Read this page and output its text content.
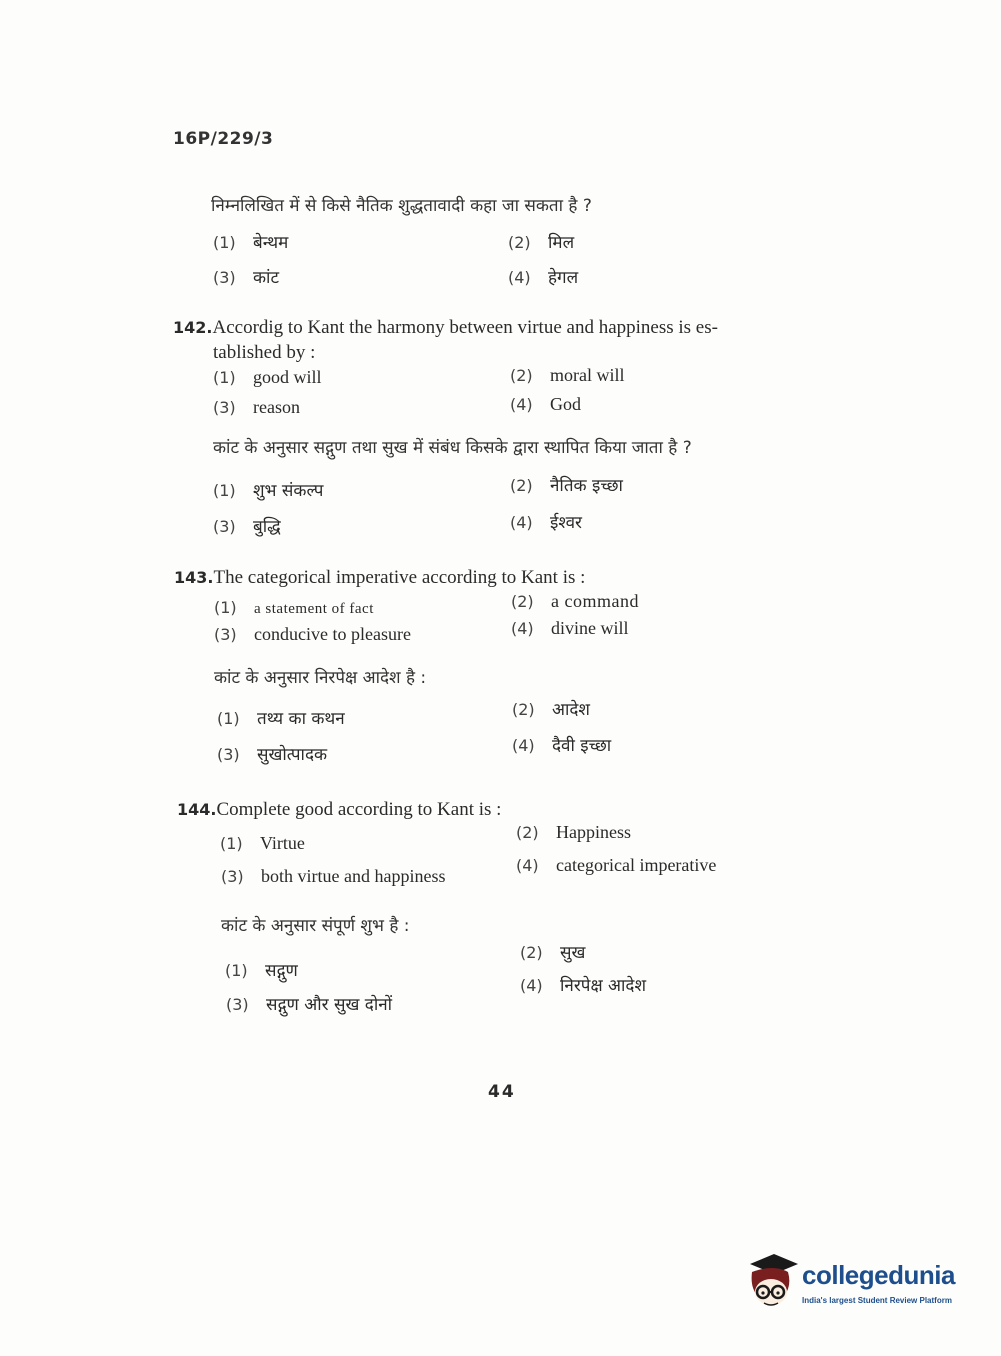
16P/229/3
निम्नलिखित में से किसे नैतिक शुद्धतावादी कहा जा सकता है ?
(1) बेन्थम	(2) मिल
(3) कांट	(4) हेगल
142.Accordig to Kant the harmony between virtue and happiness is es-
tablished by :
(1) good will	(2) moral will
(3) reason	(4) God
कांट के अनुसार सद्गुण तथा सुख में संबंध किसके द्वारा स्थापित किया जाता है ?
(1) शुभ संकल्प	(2) नैतिक इच्छा
(3) बुद्धि	(4) ईश्वर
143.The categorical imperative according to Kant is :
(1) a statement of fact	(2) a command
(3) conducive to pleasure	(4) divine will
कांट के अनुसार निरपेक्ष आदेश है :
(1) तथ्य का कथन	(2) आदेश
(3) सुखोत्पादक	(4) दैवी इच्छा
144.Complete good according to Kant is :
(1) Virtue
(2) Happiness
(3) both virtue and happiness
(4) categorical imperative
कांट के अनुसार संपूर्ण शुभ है :
(1) सद्गुण
(2) सुख
(3) सद्गुण और सुख दोनों
(4) निरपेक्ष आदेश
44
collegedunia
India's largest Student Review Platform
